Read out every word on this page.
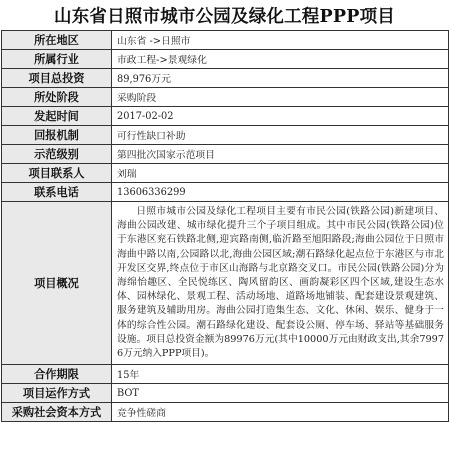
山东省日照市城市公园及绿化工程PPP项目
所在地区	山东省 ->日照市
所属行业	市政工程->景观绿化
项目总投资	89,976万元
所处阶段	采购阶段
发起时间	2017-02-02
回报机制	可行性缺口补助
示范级别	第四批次国家示范项目
项目联系人	刘瑞
联系电话	13606336299
项目概况	日照市城市公园及绿化工程项目主要有市民公园(铁路公园)新建项目、海曲公园改建、城市绿化提升三个子项目组成。其中市民公园(铁路公园)位于东港区兖石铁路北侧,迎宾路南侧,临沂路至旭阳路段;海曲公园位于日照市海曲中路以南,公园路以北,海曲公园区域;潮石路绿化起点位于东港区与市北开发区交界,终点位于市区山海路与北京路交叉口。市民公园(铁路公园)分为海绵怡趣区、全民悦练区、陶风留韵区、画韵凝彩区四个区域,建设生态水体、园林绿化、景观工程、活动场地、道路场地铺装、配套建设景观建筑、服务建筑及辅助用房。海曲公园打造集生态、文化、休闲、娱乐、健身于一体的综合性公园。潮石路绿化建设、配套设公厕、停车场、驿站等基础服务设施。项目总投资金额为89976万元(其中10000万元由财政支出,其余79976万元纳入PPP项目)。
合作期限	15年
项目运作方式	BOT
采购社会资本方式	竞争性磋商
